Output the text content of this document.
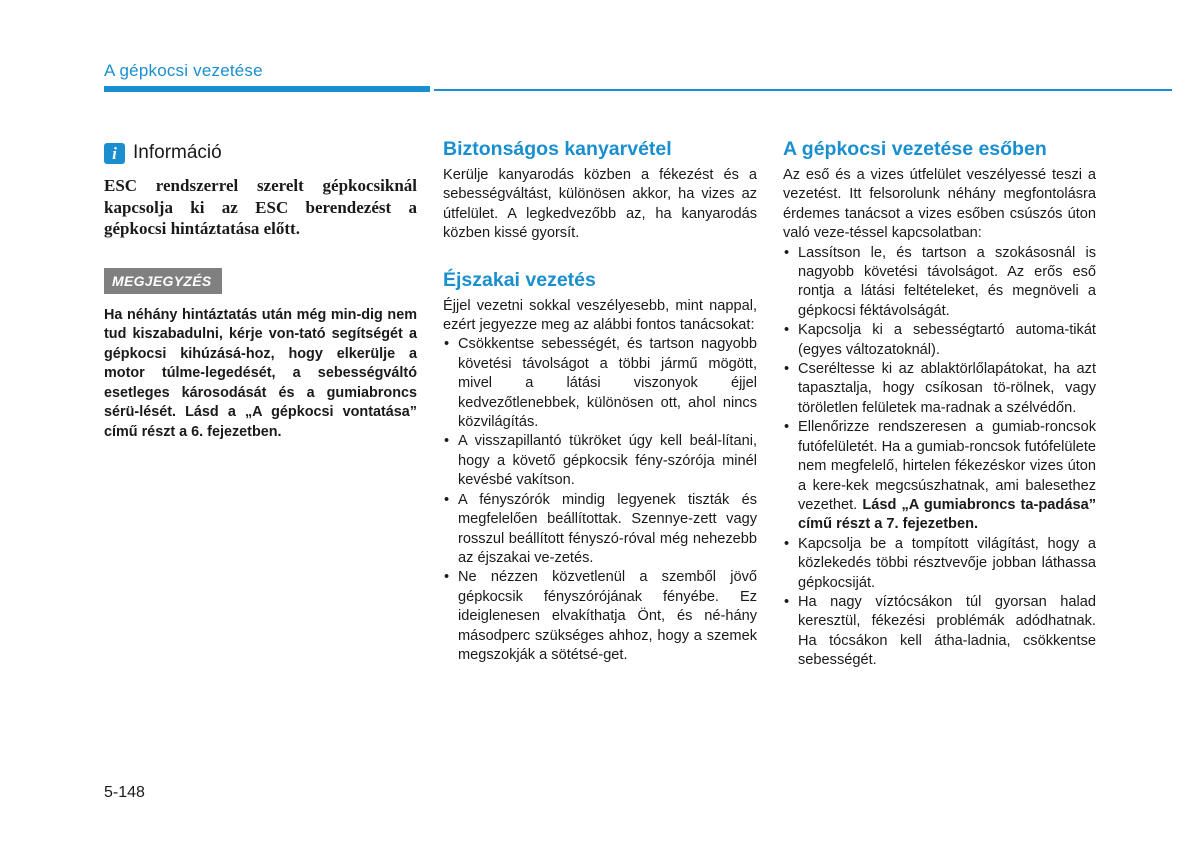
A gépkocsi vezetése
i Információ
ESC rendszerrel szerelt gépkocsiknál kapcsolja ki az ESC berendezést a gépkocsi hintáztatása előtt.
MEGJEGYZÉS
Ha néhány hintáztatás után még min-dig nem tud kiszabadulni, kérje von-tató segítségét a gépkocsi kihúzásá-hoz, hogy elkerülje a motor túlme-legedését, a sebességváltó esetleges károsodását és a gumiabroncs sérü-lését. Lásd a „A gépkocsi vontatása” című részt a 6. fejezetben.
Biztonságos kanyarvétel

Kerülje kanyarodás közben a fékezést és a sebességváltást, különösen akkor, ha vizes az útfelület. A legkedvezőbb az, ha kanyarodás közben kissé gyorsít.

Éjszakai vezetés

Éjjel vezetni sokkal veszélyesebb, mint nappal, ezért jegyezze meg az alábbi fontos tanácsokat:

• Csökkentse sebességét, és tartson nagyobb követési távolságot a többi jármű mögött, mivel a látási viszonyok éjjel kedvezőtlenebbek, különösen ott, ahol nincs közvilágítás.
• A visszapillantó tükröket úgy kell beál-lítani, hogy a követő gépkocsik fény-szórója minél kevésbé vakítson.
• A fényszórók mindig legyenek tiszták és megfelelően beállítottak. Szennye-zett vagy rosszul beállított fényszó-róval még nehezebb az éjszakai ve-zetés.
• Ne nézzen közvetlenül a szemből jövő gépkocsik fényszórójának fényébe. Ez ideiglenesen elvakíthatja Önt, és né-hány másodperc szükséges ahhoz, hogy a szemek megszokják a sötétsé-get.
A gépkocsi vezetése esőben

Az eső és a vizes útfelület veszélyessé teszi a vezetést. Itt felsorolunk néhány megfontolásra érdemes tanácsot a vizes esőben csúszós úton való veze-téssel kapcsolatban:

• Lassítson le, és tartson a szokásosnál is nagyobb követési távolságot. Az erős eső rontja a látási feltételeket, és megnöveli a gépkocsi féktávolságát.
• Kapcsolja ki a sebességtartó automa-tikát (egyes változatoknál).
• Cseréltesse ki az ablaktörlőlapátokat, ha azt tapasztalja, hogy csíkosan tö-rölnek, vagy töröletlen felületek ma-radnak a szélvédőn.
• Ellenőrizze rendszeresen a gumiab-roncsok futófelületét. Ha a gumiab-roncsok futófelülete nem megfelelő, hirtelen fékezéskor vizes úton a kere-kek megcsúszhatnak, ami balesethez vezethet. Lásd „A gumiabroncs ta-padása” című részt a 7. fejezetben.
• Kapcsolja be a tompított világítást, hogy a közlekedés többi résztvevője jobban láthassa gépkocsiját.
• Ha nagy víztócsákon túl gyorsan halad keresztül, fékezési problémák adódhatnak. Ha tócsákon kell átha-ladnia, csökkentse sebességét.
5-148
